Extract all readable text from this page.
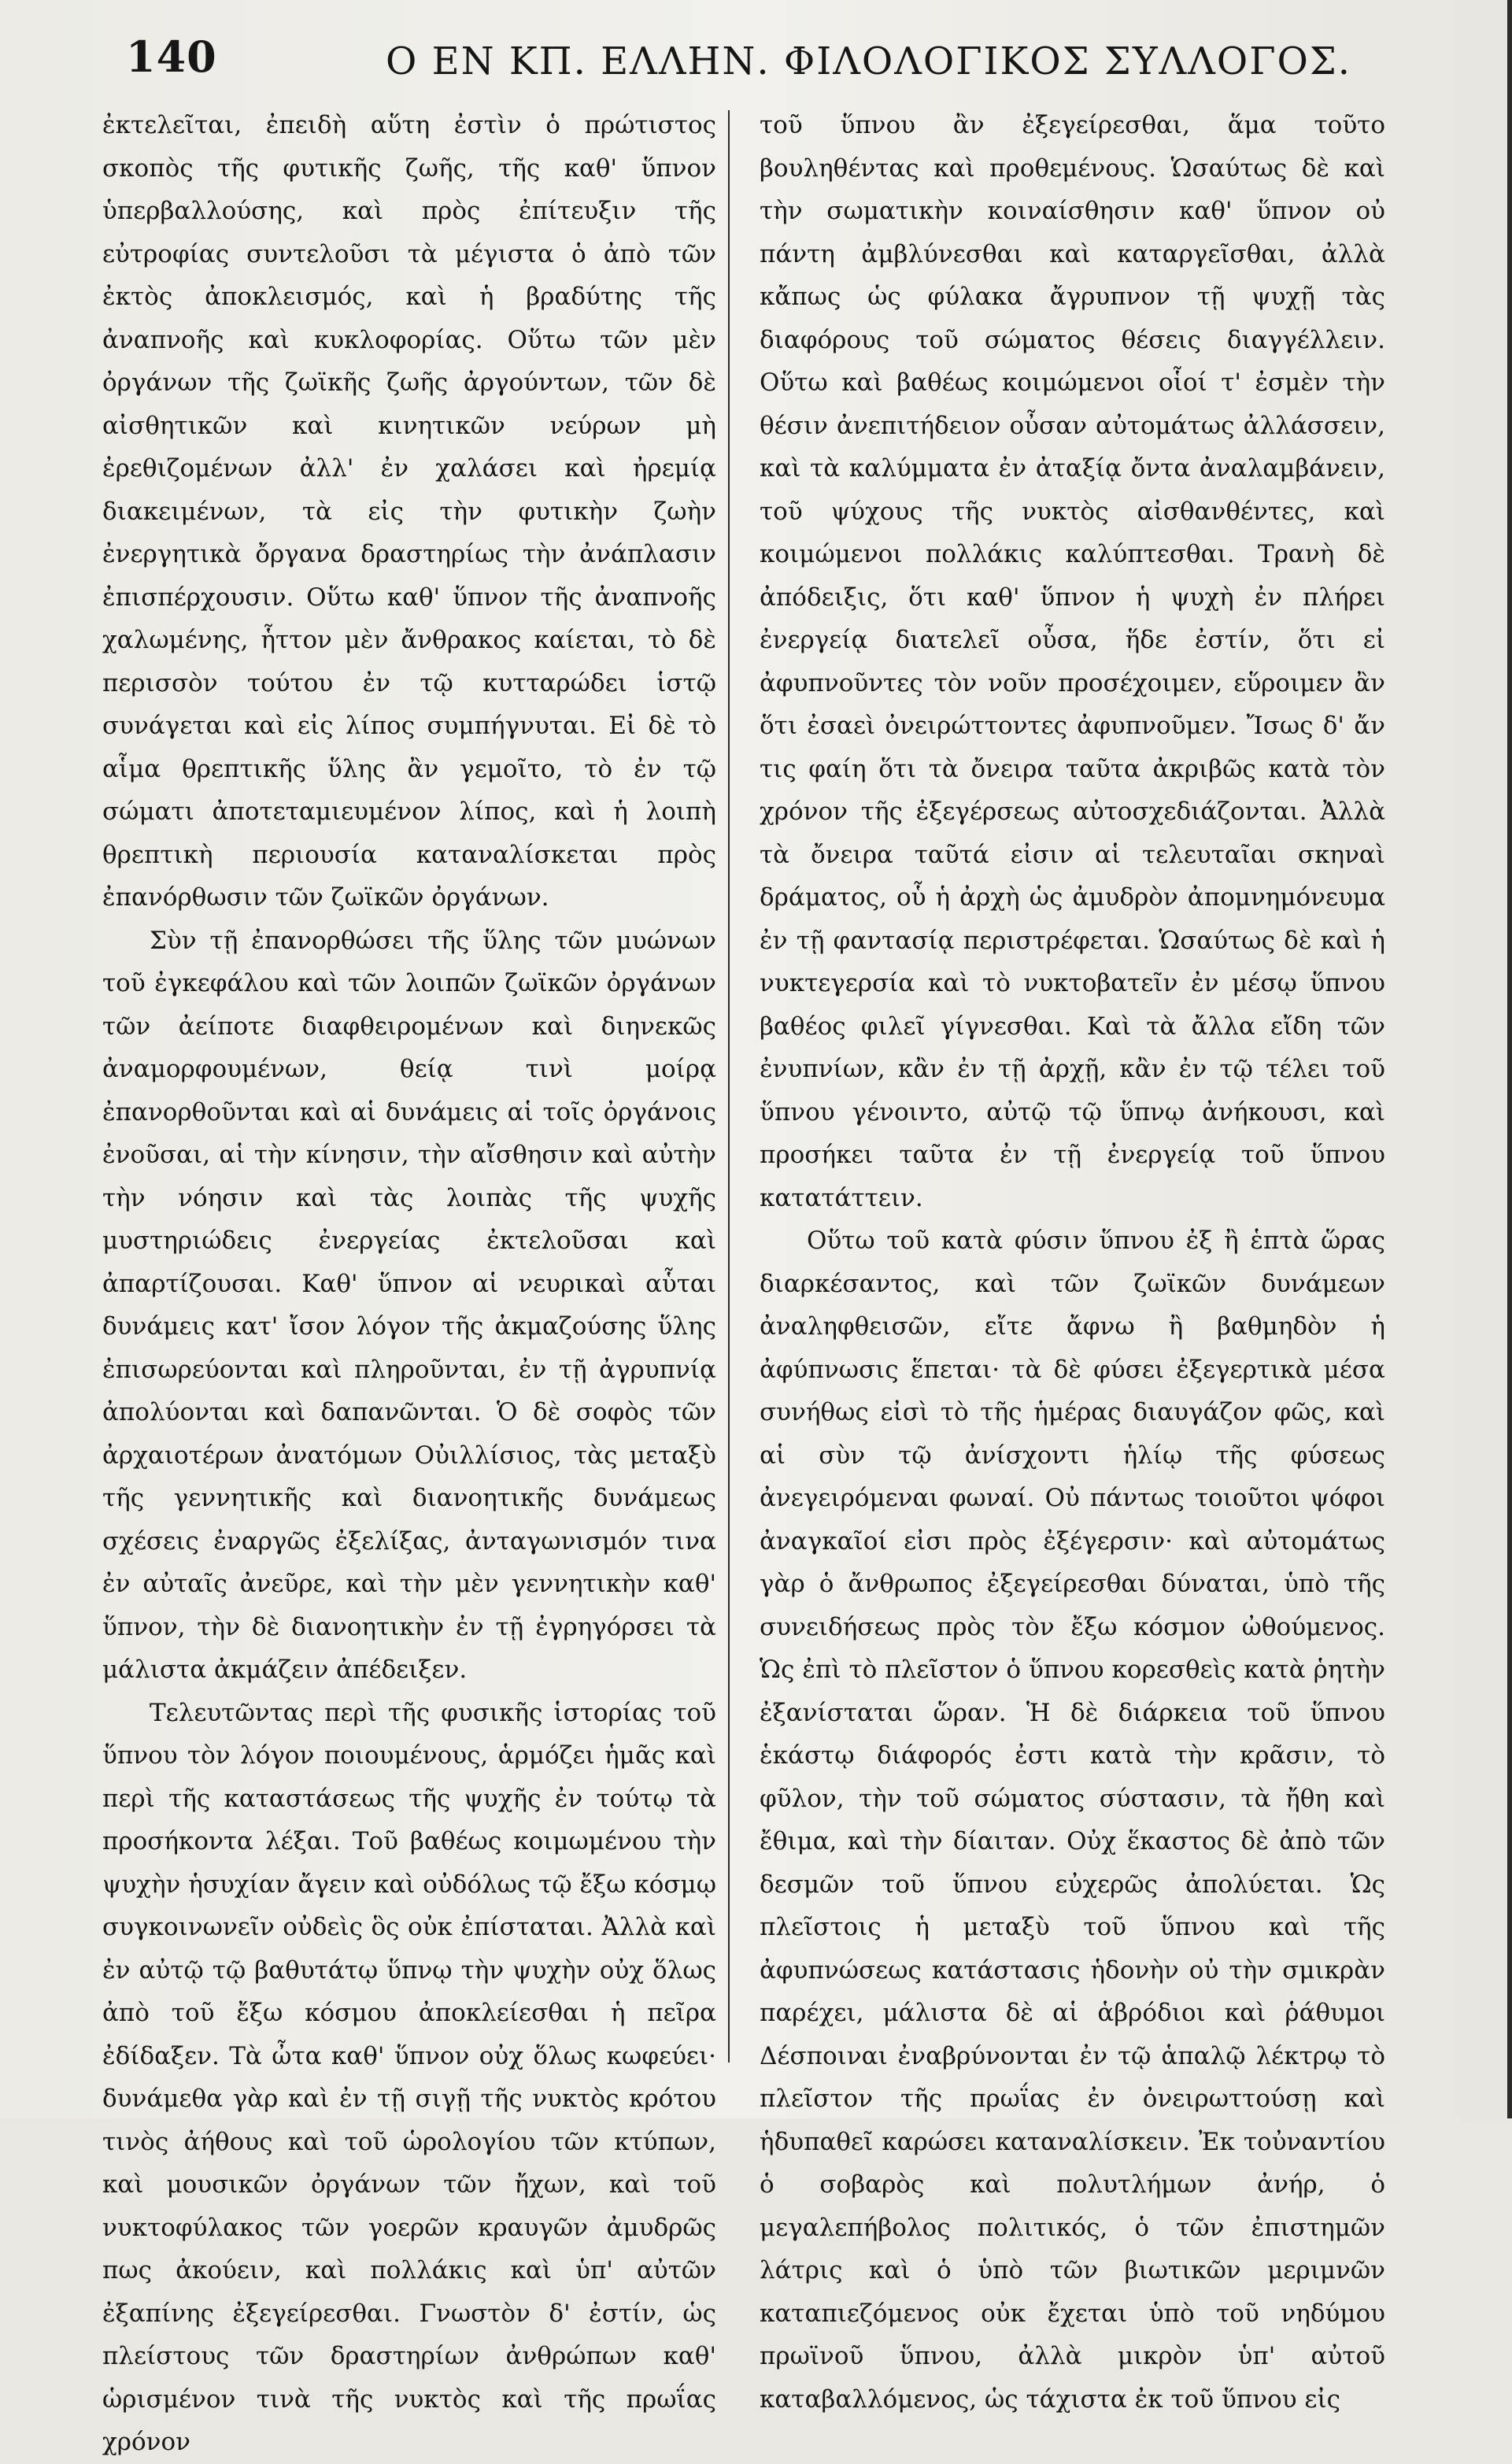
140	Ο ΕΝ ΚΠ. ΕΛΛΗΝ. ΦΙΛΟΛΟΓΙΚΟΣ ΣΥΛΛΟΓΟΣ.

ἐκτελεῖται, ἐπειδὴ αὕτη ἐστὶν ὁ πρώτιστος σκοπὸς τῆς φυτικῆς ζωῆς, τῆς καθ' ὕπνον ὑπερβαλλούσης, καὶ πρὸς ἐπίτευξιν τῆς εὐτροφίας συντελοῦσι τὰ μέγιστα ὁ ἀπὸ τῶν ἐκτὸς ἀποκλεισμός, καὶ ἡ βραδύτης τῆς ἀναπνοῆς καὶ κυκλοφορίας. Οὕτω τῶν μὲν ὀργάνων τῆς ζωϊκῆς ζωῆς ἀργούντων, τῶν δὲ αἰσθητικῶν καὶ κινητικῶν νεύρων μὴ ἐρεθιζομένων ἀλλ' ἐν χαλάσει καὶ ἠρεμίᾳ διακειμένων, τὰ εἰς τὴν φυτικὴν ζωὴν ἐνεργητικὰ ὄργανα δραστηρίως τὴν ἀνάπλασιν ἐπισπέρχουσιν. Οὕτω καθ' ὕπνον τῆς ἀναπνοῆς χαλωμένης, ἧττον μὲν ἄνθρακος καίεται, τὸ δὲ περισσὸν τούτου ἐν τῷ κυτταρώδει ἱστῷ συνάγεται καὶ εἰς λίπος συμπήγνυται. Εἰ δὲ τὸ αἷμα θρεπτικῆς ὕλης ἂν γεμοῖτο, τὸ ἐν τῷ σώματι ἀποτεταμιευμένον λίπος, καὶ ἡ λοιπὴ θρεπτικὴ περιουσία καταναλίσκεται πρὸς ἐπανόρθωσιν τῶν ζωϊκῶν ὀργάνων.

Σὺν τῇ ἐπανορθώσει τῆς ὕλης τῶν μυώνων τοῦ ἐγκεφάλου καὶ τῶν λοιπῶν ζωϊκῶν ὀργάνων τῶν ἀείποτε διαφθειρομένων καὶ διηνεκῶς ἀναμορφουμένων, θείᾳ τινὶ μοίρᾳ ἐπανορθοῦνται καὶ αἱ δυνάμεις αἱ τοῖς ὀργάνοις ἐνοῦσαι, αἱ τὴν κίνησιν, τὴν αἴσθησιν καὶ αὐτὴν τὴν νόησιν καὶ τὰς λοιπὰς τῆς ψυχῆς μυστηριώδεις ἐνεργείας ἐκτελοῦσαι καὶ ἀπαρτίζουσαι. Καθ' ὕπνον αἱ νευρικαὶ αὗται δυνάμεις κατ' ἴσον λόγον τῆς ἀκμαζούσης ὕλης ἐπισωρεύονται καὶ πληροῦνται, ἐν τῇ ἀγρυπνίᾳ ἀπολύονται καὶ δαπανῶνται. Ὁ δὲ σοφὸς τῶν ἀρχαιοτέρων ἀνατόμων Οὐιλλίσιος, τὰς μεταξὺ τῆς γεννητικῆς καὶ διανοητικῆς δυνάμεως σχέσεις ἐναργῶς ἐξελίξας, ἀνταγωνισμόν τινα ἐν αὐταῖς ἀνεῦρε, καὶ τὴν μὲν γεννητικὴν καθ' ὕπνον, τὴν δὲ διανοητικὴν ἐν τῇ ἐγρηγόρσει τὰ μάλιστα ἀκμάζειν ἀπέδειξεν.

Τελευτῶντας περὶ τῆς φυσικῆς ἱστορίας τοῦ ὕπνου τὸν λόγον ποιουμένους, ἁρμόζει ἡμᾶς καὶ περὶ τῆς καταστάσεως τῆς ψυχῆς ἐν τούτῳ τὰ προσήκοντα λέξαι. Τοῦ βαθέως κοιμωμένου τὴν ψυχὴν ἡσυχίαν ἄγειν καὶ οὐδόλως τῷ ἔξω κόσμῳ συγκοινωνεῖν οὐδεὶς ὃς οὐκ ἐπίσταται. Ἀλλὰ καὶ ἐν αὐτῷ τῷ βαθυτάτῳ ὕπνῳ τὴν ψυχὴν οὐχ ὅλως ἀπὸ τοῦ ἔξω κόσμου ἀποκλείεσθαι ἡ πεῖρα ἐδίδαξεν. Τὰ ὦτα καθ' ὕπνον οὐχ ὅλως κωφεύει· δυνάμεθα γὰρ καὶ ἐν τῇ σιγῇ τῆς νυκτὸς κρότου τινὸς ἀήθους καὶ τοῦ ὡρολογίου τῶν κτύπων, καὶ μουσικῶν ὀργάνων τῶν ἤχων, καὶ τοῦ νυκτοφύλακος τῶν γοερῶν κραυγῶν ἀμυδρῶς πως ἀκούειν, καὶ πολλάκις καὶ ὑπ' αὐτῶν ἐξαπίνης ἐξεγείρεσθαι. Γνωστὸν δ' ἐστίν, ὡς πλείστους τῶν δραστηρίων ἀνθρώπων καθ' ὡρισμένον τινὰ τῆς νυκτὸς καὶ τῆς πρωΐας χρόνον

τοῦ ὕπνου ἂν ἐξεγείρεσθαι, ἅμα τοῦτο βουληθέντας καὶ προθεμένους. Ὡσαύτως δὲ καὶ τὴν σωματικὴν κοιναίσθησιν καθ' ὕπνον οὐ πάντη ἀμβλύνεσθαι καὶ καταργεῖσθαι, ἀλλὰ κἄπως ὡς φύλακα ἄγρυπνον τῇ ψυχῇ τὰς διαφόρους τοῦ σώματος θέσεις διαγγέλλειν. Οὕτω καὶ βαθέως κοιμώμενοι οἷοί τ' ἐσμὲν τὴν θέσιν ἀνεπιτήδειον οὖσαν αὐτομάτως ἀλλάσσειν, καὶ τὰ καλύμματα ἐν ἀταξίᾳ ὄντα ἀναλαμβάνειν, τοῦ ψύχους τῆς νυκτὸς αἰσθανθέντες, καὶ κοιμώμενοι πολλάκις καλύπτεσθαι. Τρανὴ δὲ ἀπόδειξις, ὅτι καθ' ὕπνον ἡ ψυχὴ ἐν πλήρει ἐνεργείᾳ διατελεῖ οὖσα, ἥδε ἐστίν, ὅτι εἰ ἀφυπνοῦντες τὸν νοῦν προσέχοιμεν, εὕροιμεν ἂν ὅτι ἐσαεὶ ὀνειρώττοντες ἀφυπνοῦμεν. Ἴσως δ' ἄν τις φαίη ὅτι τὰ ὄνειρα ταῦτα ἀκριβῶς κατὰ τὸν χρόνον τῆς ἐξεγέρσεως αὐτοσχεδιάζονται. Ἀλλὰ τὰ ὄνειρα ταῦτά εἰσιν αἱ τελευταῖαι σκηναὶ δράματος, οὗ ἡ ἀρχὴ ὡς ἀμυδρὸν ἀπομνημόνευμα ἐν τῇ φαντασίᾳ περιστρέφεται. Ὡσαύτως δὲ καὶ ἡ νυκτεγερσία καὶ τὸ νυκτοβατεῖν ἐν μέσῳ ὕπνου βαθέος φιλεῖ γίγνεσθαι. Καὶ τὰ ἄλλα εἴδη τῶν ἐνυπνίων, κἂν ἐν τῇ ἀρχῇ, κἂν ἐν τῷ τέλει τοῦ ὕπνου γένοιντο, αὐτῷ τῷ ὕπνῳ ἀνήκουσι, καὶ προσήκει ταῦτα ἐν τῇ ἐνεργείᾳ τοῦ ὕπνου κατατάττειν.

Οὕτω τοῦ κατὰ φύσιν ὕπνου ἐξ ἢ ἑπτὰ ὥρας διαρκέσαντος, καὶ τῶν ζωϊκῶν δυνάμεων ἀναληφθεισῶν, εἴτε ἄφνω ἢ βαθμηδὸν ἡ ἀφύπνωσις ἕπεται· τὰ δὲ φύσει ἐξεγερτικὰ μέσα συνήθως εἰσὶ τὸ τῆς ἡμέρας διαυγάζον φῶς, καὶ αἱ σὺν τῷ ἀνίσχοντι ἡλίῳ τῆς φύσεως ἀνεγειρόμεναι φωναί. Οὐ πάντως τοιοῦτοι ψόφοι ἀναγκαῖοί εἰσι πρὸς ἐξέγερσιν· καὶ αὐτομάτως γὰρ ὁ ἄνθρωπος ἐξεγείρεσθαι δύναται, ὑπὸ τῆς συνειδήσεως πρὸς τὸν ἔξω κόσμον ὠθούμενος. Ὡς ἐπὶ τὸ πλεῖστον ὁ ὕπνου κορεσθεὶς κατὰ ῥητὴν ἐξανίσταται ὥραν. Ἡ δὲ διάρκεια τοῦ ὕπνου ἑκάστῳ διάφορός ἐστι κατὰ τὴν κρᾶσιν, τὸ φῦλον, τὴν τοῦ σώματος σύστασιν, τὰ ἤθη καὶ ἔθιμα, καὶ τὴν δίαιταν. Οὐχ ἕκαστος δὲ ἀπὸ τῶν δεσμῶν τοῦ ὕπνου εὐχερῶς ἀπολύεται. Ὡς πλεῖστοις ἡ μεταξὺ τοῦ ὕπνου καὶ τῆς ἀφυπνώσεως κατάστασις ἡδονὴν οὐ τὴν σμικρὰν παρέχει, μάλιστα δὲ αἱ ἁβρόδιοι καὶ ῥάθυμοι Δέσποιναι ἐναβρύνονται ἐν τῷ ἁπαλῷ λέκτρῳ τὸ πλεῖστον τῆς πρωΐας ἐν ὀνειρωττούσῃ καὶ ἡδυπαθεῖ καρώσει καταναλίσκειν. Ἐκ τοὐναντίου ὁ σοβαρὸς καὶ πολυτλήμων ἀνήρ, ὁ μεγαλεπήβολος πολιτικός, ὁ τῶν ἐπιστημῶν λάτρις καὶ ὁ ὑπὸ τῶν βιωτικῶν μεριμνῶν καταπιεζόμενος οὐκ ἔχεται ὑπὸ τοῦ νηδύμου πρωϊνοῦ ὕπνου, ἀλλὰ μικρὸν ὑπ' αὐτοῦ καταβαλλόμενος, ὡς τάχιστα ἐκ τοῦ ὕπνου εἰς
